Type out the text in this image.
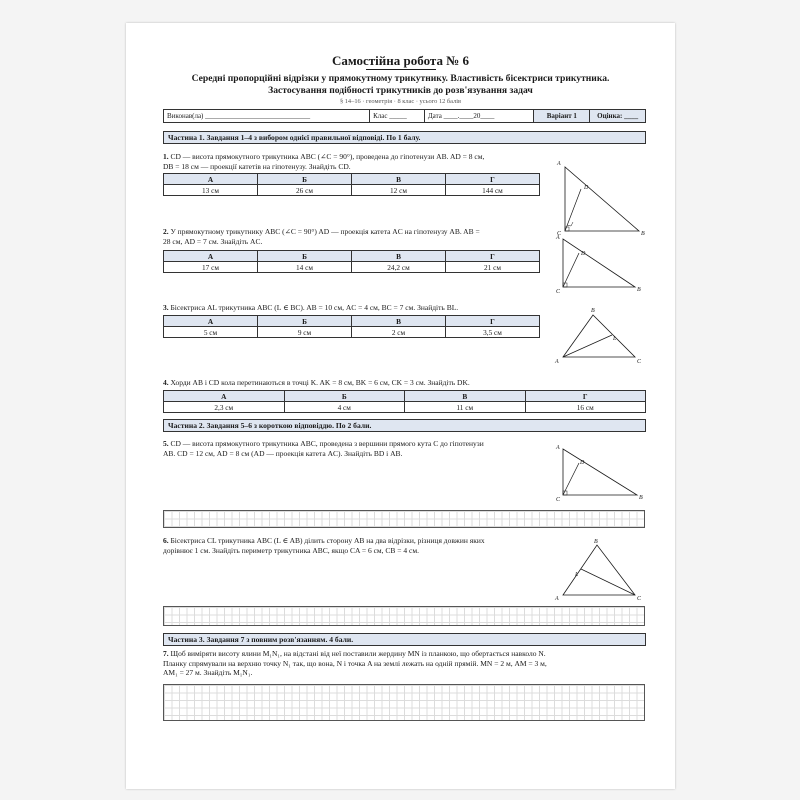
Самостійна робота № 6
Середні пропорційні відрізки у прямокутному трикутнику. Властивість бісектриси трикутника.
Застосування подібності трикутників до розв'язування задач
§ 14–16 · геометрія · 8 клас · усього 12 балів
Виконав(ла) ______________________________	Клас _____	Дата ____.____20____	Варіант 1	Оцінка: ____
Частина 1. Завдання 1–4 з вибором однієї правильної відповіді. По 1 балу.
1. CD — висота прямокутного трикутника ABC (∠C = 90°), проведена до гіпотенузи AB. AD = 8 см,
DB = 18 см — проекції катетів на гіпотенузу. Знайдіть CD.
А	Б	В	Г
13 см	26 см	12 см	144 см
A
D
C	B
2. У прямокутному трикутнику ABC (∠C = 90°) AD — проекція катета AC на гіпотенузу AB. AB =
28 см, AD = 7 см. Знайдіть AC.
А	Б	В	Г
17 см	14 см	24,2 см	21 см
A
D
C	B
3. Бісектриса AL трикутника ABC (L ∈ BC). AB = 10 см, AC = 4 см, BC = 7 см. Знайдіть BL.
А	Б	В	Г
5 см	9 см	2 см	3,5 см
A
B
C
L
4. Хорди AB і CD кола перетинаються в точці K. AK = 8 см, BK = 6 см, CK = 3 см. Знайдіть DK.
А	Б	В	Г
2,3 см	4 см	11 см	16 см
Частина 2. Завдання 5–6 з короткою відповіддю. По 2 бали.
5. CD — висота прямокутного трикутника ABC, проведена з вершини прямого кута C до гіпотенузи
AB. CD = 12 см, AD = 8 см (AD — проекція катета AC). Знайдіть BD і AB.
A
D
C	B
6. Бісектриса CL трикутника ABC (L ∈ AB) ділить сторону AB на два відрізки, різниця довжин яких
дорівнює 1 см. Знайдіть периметр трикутника ABC, якщо CA = 6 см, CB = 4 см.
A
B
C
L
Частина 3. Завдання 7 з повним розв'язанням. 4 бали.
7. Щоб виміряти висоту ялини M₁N₁, на відстані від неї поставили жердину MN із планкою, що обертається навколо N.
Планку спрямували на верхню точку N₁ так, що вона, N і точка A на землі лежать на одній прямій. MN = 2 м, AM = 3 м,
AM₁ = 27 м. Знайдіть M₁N₁.
